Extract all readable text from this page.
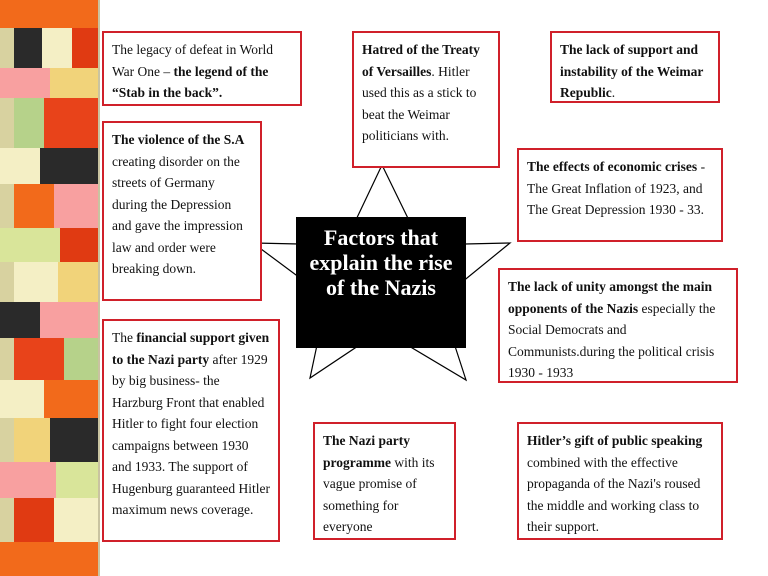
The legacy of defeat in World War One – the legend of the “Stab in the back”.
Hatred of the Treaty of Versailles. Hitler used this as a stick to beat the Weimar politicians with.
The lack of support and instability of the Weimar Republic.
The violence of the S.A creating disorder on the streets of Germany during the Depression and gave the impression law and order were breaking down.
The effects of economic crises - The Great Inflation of 1923, and The Great Depression 1930 - 33.
The lack of unity amongst the main opponents of the Nazis especially the Social Democrats and Communists.during the political crisis 1930 - 1933
The financial support given to the Nazi party after 1929 by big business- the Harzburg Front that enabled Hitler to fight four election campaigns between 1930 and 1933. The support of Hugenburg guaranteed Hitler maximum news coverage.
The Nazi party programme with its vague promise of something for everyone
Hitler’s gift of public speaking combined with the effective propaganda of the Nazi's roused the middle and working class to their support.
Factors that explain the rise of the Nazis
